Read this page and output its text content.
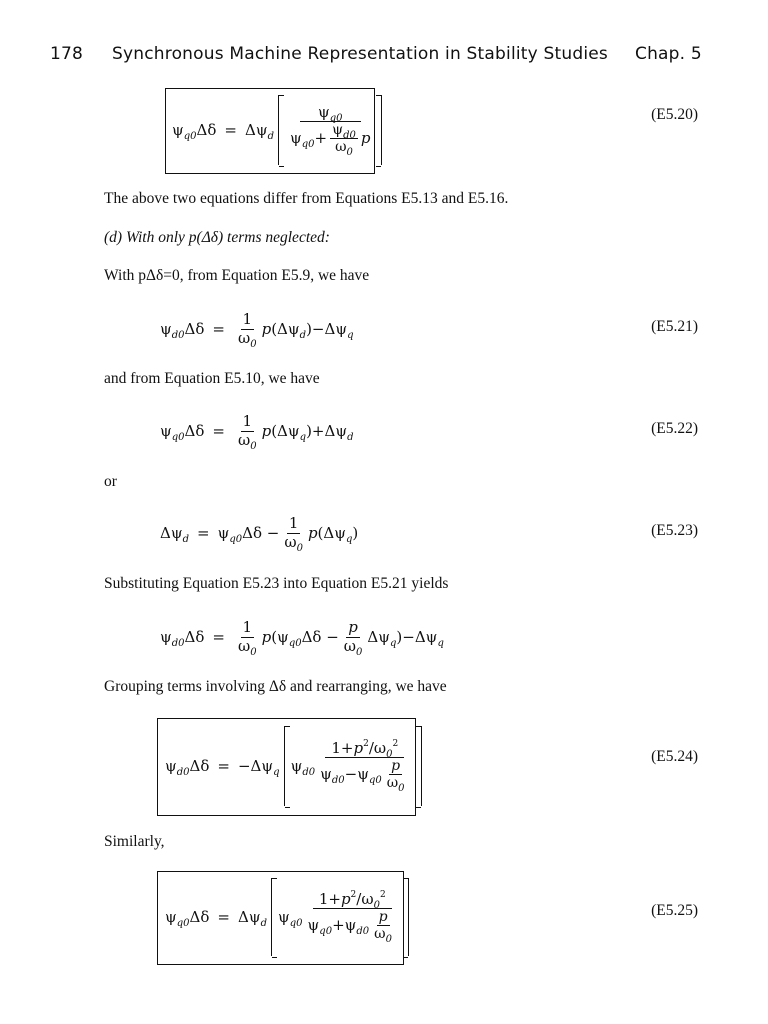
178 Synchronous Machine Representation in Stability Studies Chap. 5
$\psi_{q0}\Delta\delta = \Delta\psi_d \frac{\psi_{q0}}{\psi_{q0}+ \frac{\psi_{d0}}{\omega_0} p}$	(E5.20)
The above two equations differ from Equations E5.13 and E5.16.
(d) With only p(Δδ) terms neglected:
With pΔδ=0, from Equation E5.9, we have
$\psi_{d0}\Delta\delta = \frac{1}{\omega_0} p(\Delta\psi_d)-\Delta\psi_q$
(E5.21)
and from Equation E5.10, we have
$\psi_{q0}\Delta\delta = \frac{1}{\omega_0} p(\Delta\psi_q)+\Delta\psi_d$
(E5.22)
or
$\Delta\psi_d = \psi_{q0}\Delta\delta - \frac{1}{\omega_0} p(\Delta\psi_q)$	(E5.23)
Substituting Equation E5.23 into Equation E5.21 yields
$\psi_{d0}\Delta\delta = \frac{1}{\omega_0} p(\psi_{q0}\Delta\delta - \frac{p}{\omega_0} \Delta\psi_q)-\Delta\psi_q$
Grouping terms involving Δδ and rearranging, we have
$\psi_{d0}\Delta\delta = -\Delta\psi_q$ $\psi_{d0} \frac{1+p^2/\omega_0^2}{\psi_{d0}-\psi_{q0} \frac{p}{\omega_0}}$	(E5.24)
Similarly,
$\psi_{q0}\Delta\delta = \Delta\psi_d$ $\psi_{q0} \frac{1+p^2/\omega_0^2}{\psi_{q0}+\psi_{d0} \frac{p}{\omega_0}}$	(E5.25)
